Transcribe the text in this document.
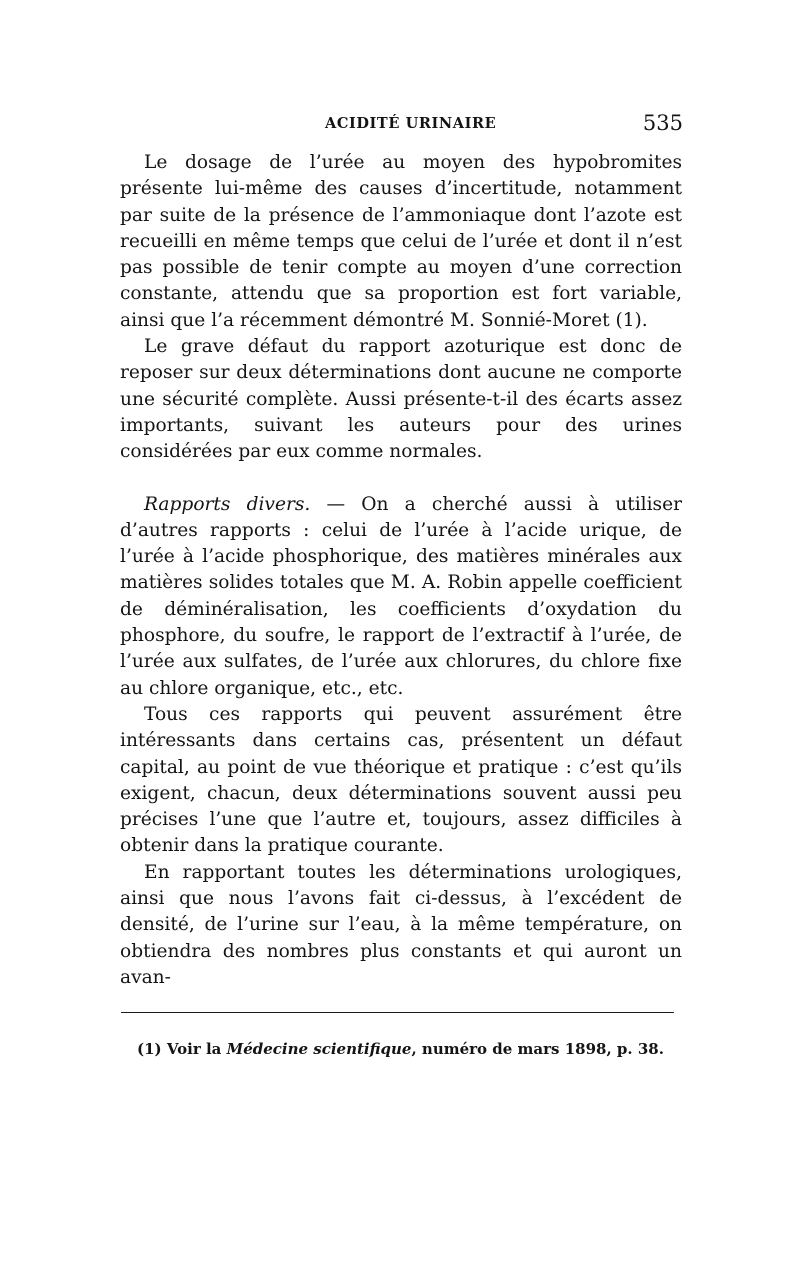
ACIDITÉ URINAIRE	535

Le dosage de l’urée au moyen des hypobromites présente lui-même des causes d’incertitude, notamment par suite de la présence de l’ammoniaque dont l’azote est recueilli en même temps que celui de l’urée et dont il n’est pas possible de tenir compte au moyen d’une correction constante, attendu que sa proportion est fort variable, ainsi que l’a récemment démontré M. Sonnié-Moret (1).

Le grave défaut du rapport azoturique est donc de reposer sur deux déterminations dont aucune ne comporte une sécurité complète. Aussi présente-t-il des écarts assez importants, suivant les auteurs pour des urines considérées par eux comme normales.

Rapports divers. — On a cherché aussi à utiliser d’autres rapports : celui de l’urée à l’acide urique, de l’urée à l’acide phosphorique, des matières minérales aux matières solides totales que M. A. Robin appelle coefficient de déminéralisation, les coefficients d’oxydation du phosphore, du soufre, le rapport de l’extractif à l’urée, de l’urée aux sulfates, de l’urée aux chlorures, du chlore fixe au chlore organique, etc., etc.

Tous ces rapports qui peuvent assurément être intéressants dans certains cas, présentent un défaut capital, au point de vue théorique et pratique : c’est qu’ils exigent, chacun, deux déterminations souvent aussi peu précises l’une que l’autre et, toujours, assez difficiles à obtenir dans la pratique courante.

En rapportant toutes les déterminations urologiques, ainsi que nous l’avons fait ci-dessus, à l’excédent de densité, de l’urine sur l’eau, à la même température, on obtiendra des nombres plus constants et qui auront un avan-

(1) Voir la Médecine scientifique, numéro de mars 1898, p. 38.
